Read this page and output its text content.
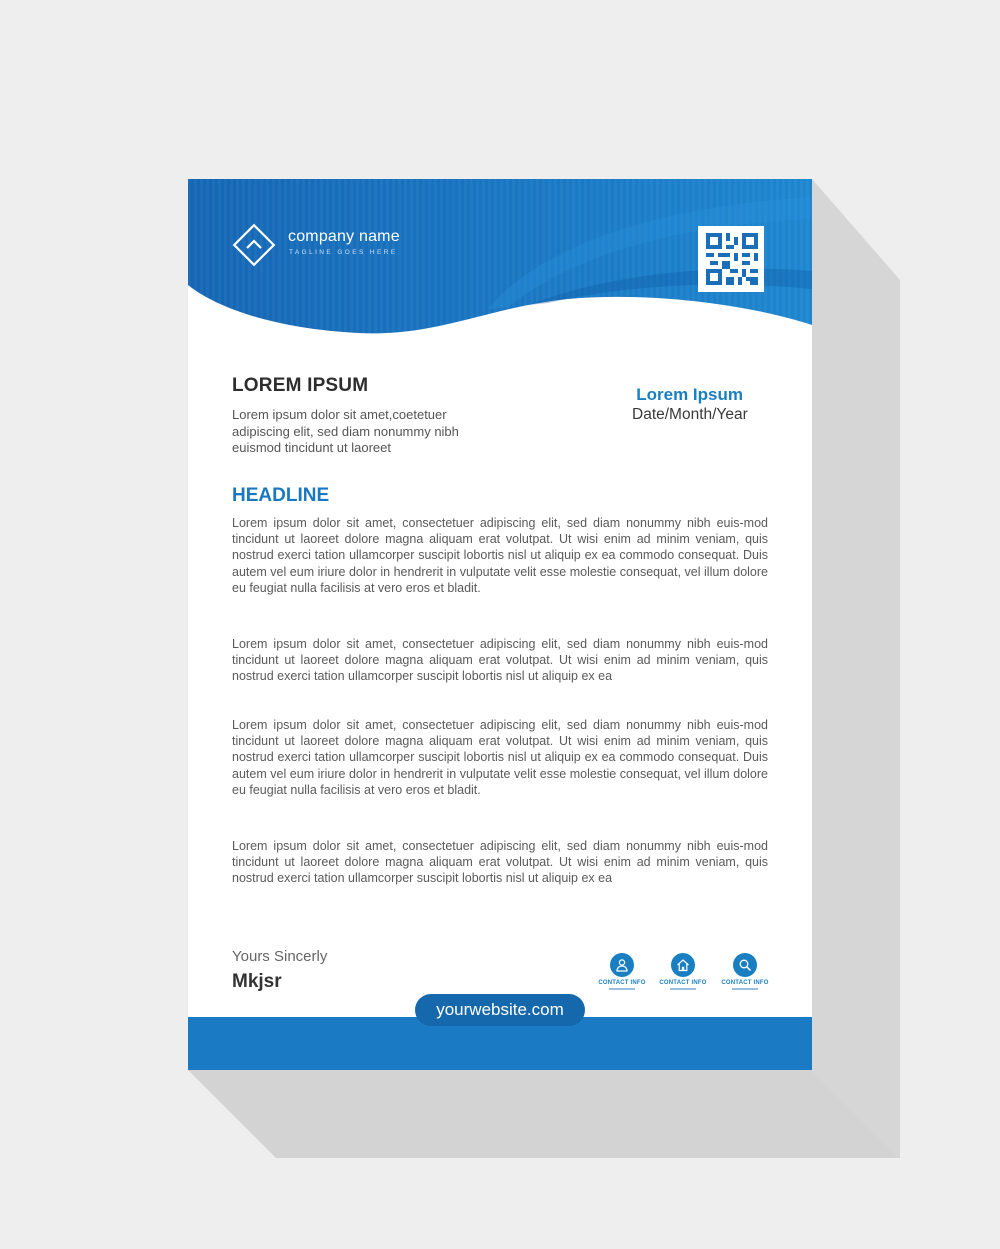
company name
TAGLINE GOES HERE
LOREM IPSUM
Lorem ipsum dolor sit amet,coetetuer adipiscing elit, sed diam nonummy nibh euismod tincidunt ut laoreet
Lorem Ipsum
Date/Month/Year
HEADLINE

Lorem ipsum dolor sit amet, consectetuer adipiscing elit, sed diam nonummy nibh euis-mod tincidunt ut laoreet dolore magna aliquam erat volutpat. Ut wisi enim ad minim veniam, quis nostrud exerci tation ullamcorper suscipit lobortis nisl ut aliquip ex ea commodo consequat. Duis autem vel eum iriure dolor in hendrerit in vulputate velit esse molestie consequat, vel illum dolore eu feugiat nulla facilisis at vero eros et bladit.

Lorem ipsum dolor sit amet, consectetuer adipiscing elit, sed diam nonummy nibh euis-mod tincidunt ut laoreet dolore magna aliquam erat volutpat. Ut wisi enim ad minim veniam, quis nostrud exerci tation ullamcorper suscipit lobortis nisl ut aliquip ex ea

Lorem ipsum dolor sit amet, consectetuer adipiscing elit, sed diam nonummy nibh euis-mod tincidunt ut laoreet dolore magna aliquam erat volutpat. Ut wisi enim ad minim veniam, quis nostrud exerci tation ullamcorper suscipit lobortis nisl ut aliquip ex ea commodo consequat. Duis autem vel eum iriure dolor in hendrerit in vulputate velit esse molestie consequat, vel illum dolore eu feugiat nulla facilisis at vero eros et bladit.

Lorem ipsum dolor sit amet, consectetuer adipiscing elit, sed diam nonummy nibh euis-mod tincidunt ut laoreet dolore magna aliquam erat volutpat. Ut wisi enim ad minim veniam, quis nostrud exerci tation ullamcorper suscipit lobortis nisl ut aliquip ex ea

Yours Sincerly
Mkjsr	CONTACT INFO	CONTACT INFO	CONTACT INFO
yourwebsite.com
